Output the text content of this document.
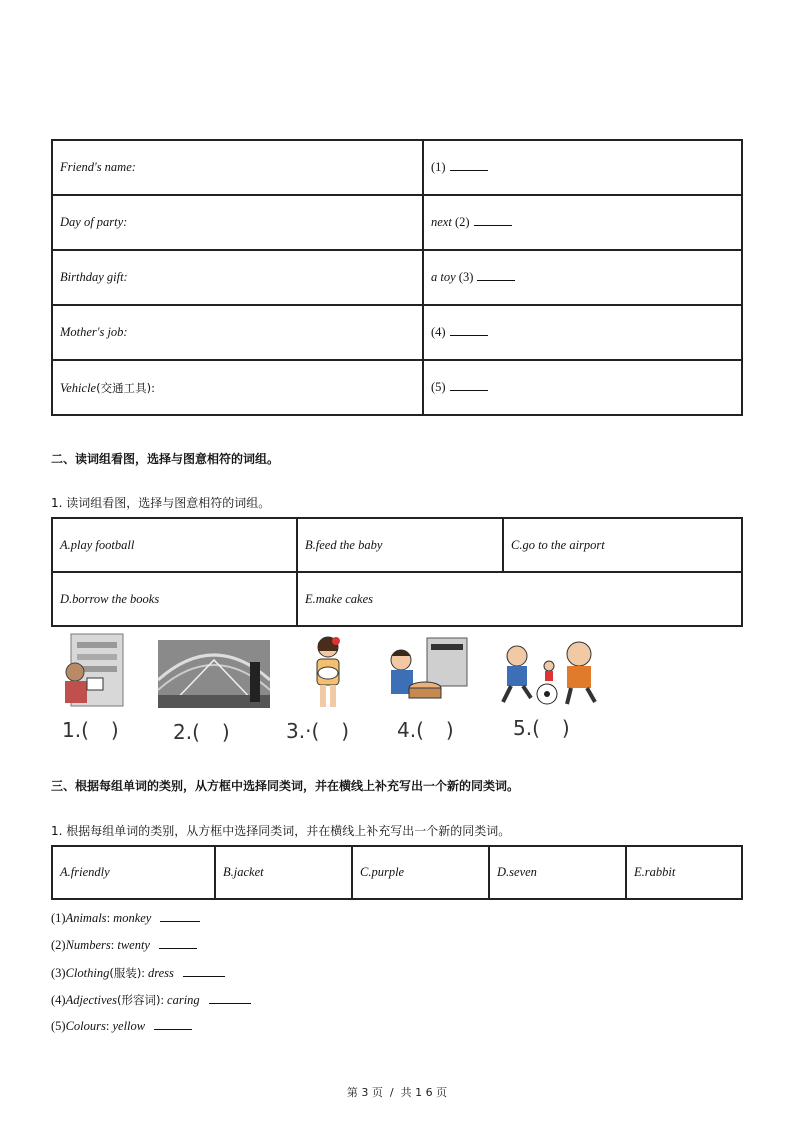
Friend's name:	(1)
Day of party:	next (2)
Birthday gift:	a toy (3)
Mother's job:	(4)
Vehicle(交通工具):	(5)
二、读词组看图，选择与图意相符的词组。
1. 读词组看图，选择与图意相符的词组。
A.play football	B.feed the baby	C.go to the airport
D.borrow the books	E.make cakes	
1.( )	2.( )	3.·( ) 4.( )	5.( )
三、根据每组单词的类别，从方框中选择同类词，并在横线上补充写出一个新的同类词。
1. 根据每组单词的类别，从方框中选择同类词，并在横线上补充写出一个新的同类词。
A.friendly	B.jacket	C.purple	D.seven	E.rabbit
(1)Animals: monkey
(2)Numbers: twenty
(3)Clothing(服装): dress
(4)Adjectives(形容词): caring
(5)Colours: yellow
第 3 页  /  共 1 6 页
